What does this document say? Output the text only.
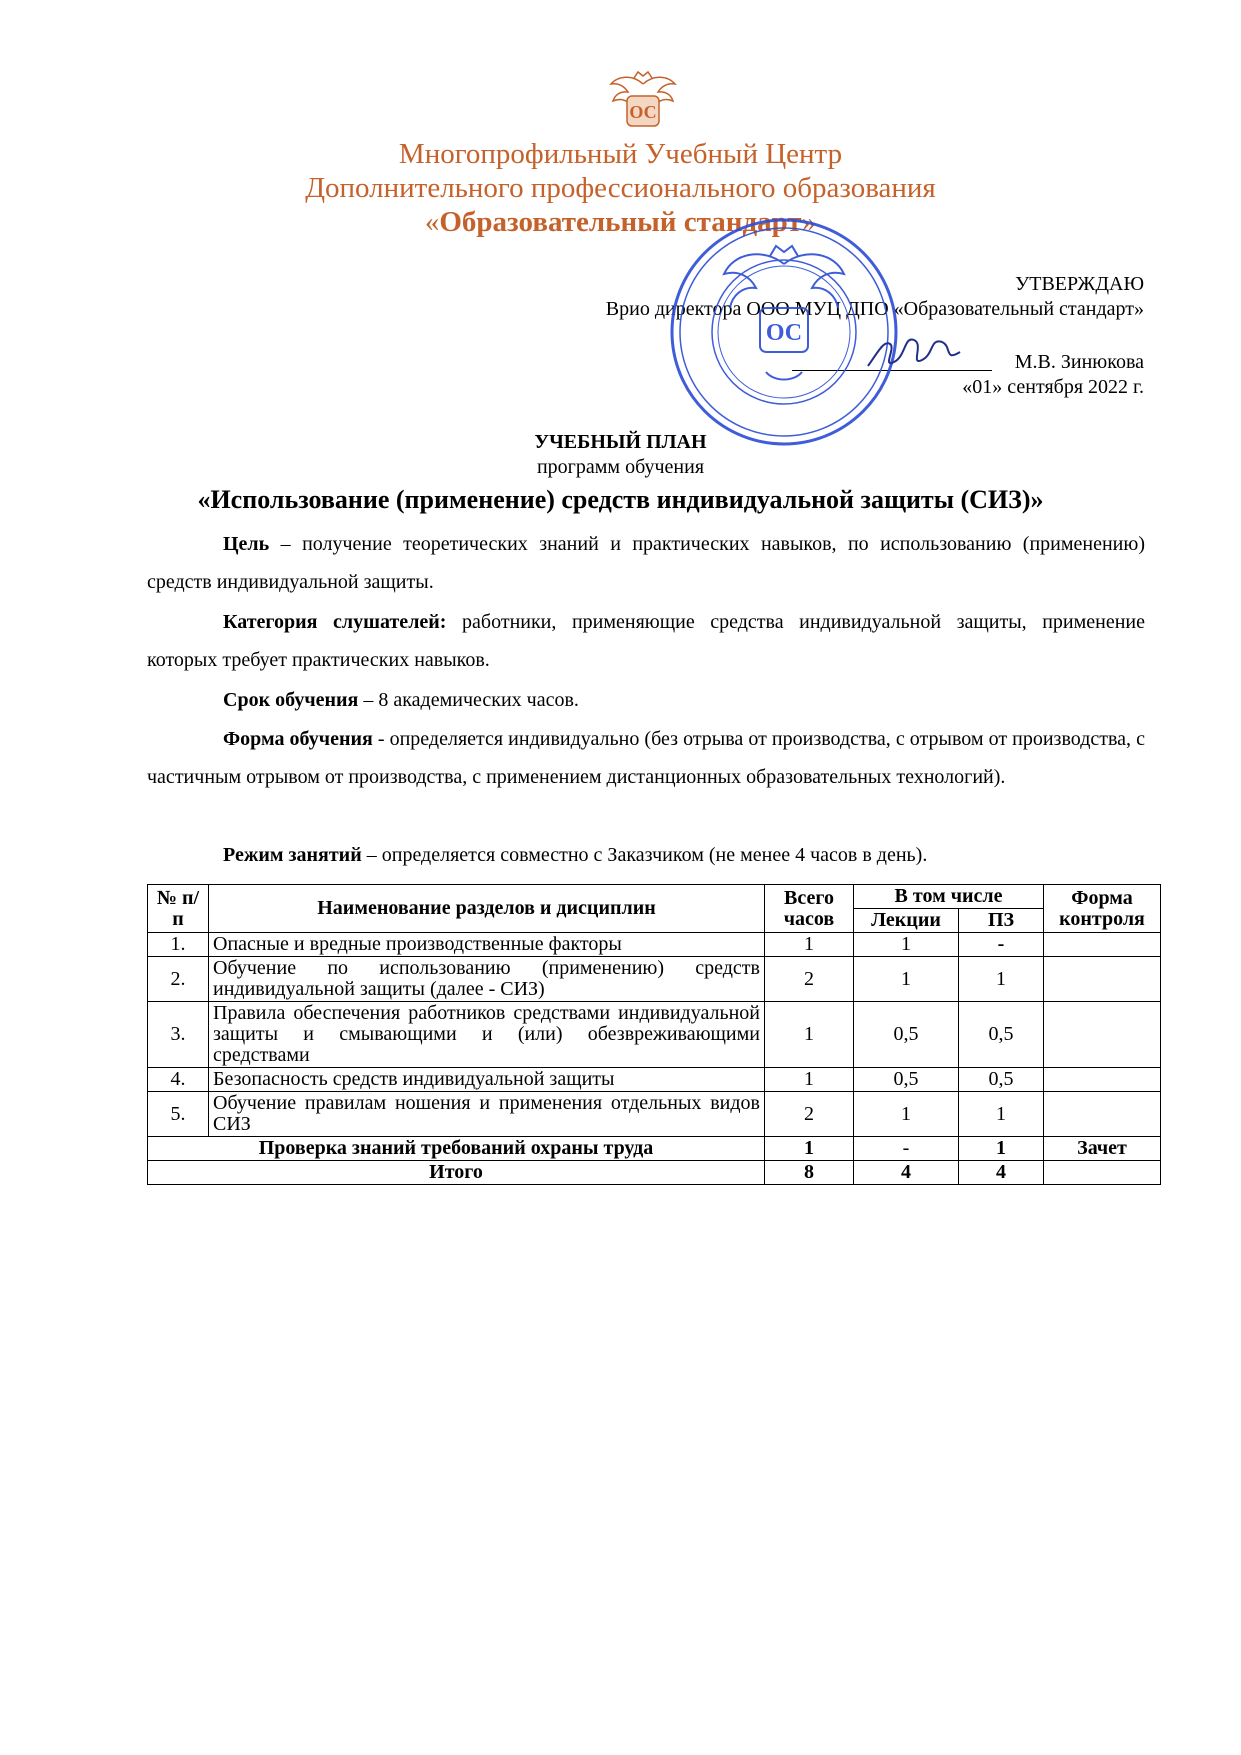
ОС
Многопрофильный Учебный Центр
Дополнительного профессионального образования
«Образовательный стандарт»
УТВЕРЖДАЮ
Врио директора ООО МУЦ ДПО «Образовательный стандарт»
М.В. Зинюкова
«01» сентября 2022 г.
ОС
УЧЕБНЫЙ ПЛАН
программ обучения
«Использование (применение) средств индивидуальной защиты (СИЗ)»
Цель – получение теоретических знаний и практических навыков, по использованию (применению) средств индивидуальной защиты.
Категория слушателей: работники, применяющие средства индивидуальной защиты, применение которых требует практических навыков.
Срок обучения – 8 академических часов.
Форма обучения - определяется индивидуально (без отрыва от производства, с отрывом от производства, с частичным отрывом от производства, с применением дистанционных образовательных технологий).
Режим занятий – определяется совместно с Заказчиком (не менее 4 часов в день).
№ п/п	Наименование разделов и дисциплин	Всего часов	В том числе		Форма контроля
			Лекции	ПЗ	
1.	Опасные и вредные производственные факторы	1	1	-	
2.	Обучение по использованию (применению) средств индивидуальной защиты (далее - СИЗ)	2	1	1	
3.	Правила обеспечения работников средствами индивидуальной защиты и смывающими и (или) обезвреживающими средствами	1	0,5	0,5	
4.	Безопасность средств индивидуальной защиты	1	0,5	0,5	
5.	Обучение правилам ношения и применения отдельных видов СИЗ	2	1	1	
Проверка знаний требований охраны труда		1	-	1	Зачет
Итого		8	4	4	
